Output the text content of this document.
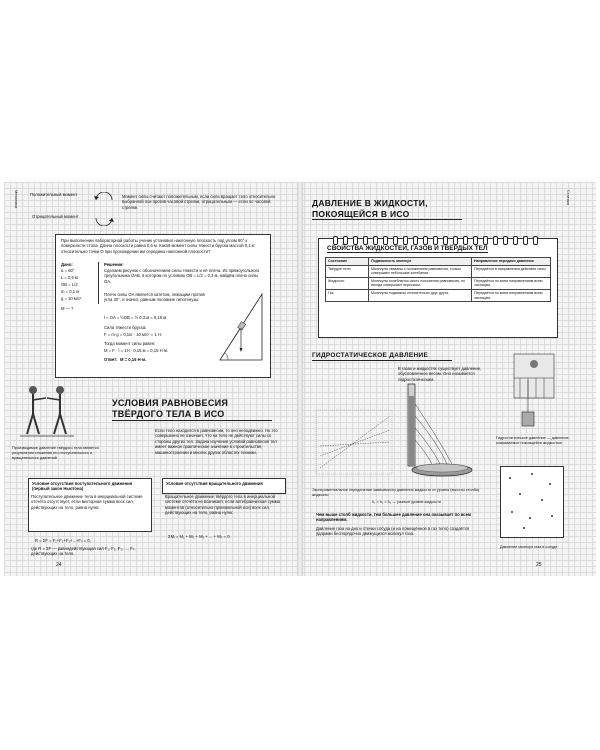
Механика	Положительный момент
Отрицательный момент
Момент силы считают положительным, если сила вращает тело относительно выбранной оси против часовой стрелки, отрицательным — если по часовой стрелке.
При выполнении лабораторной работы ученик установил наклонную плоскость под углом 60° к поверхности стола. Длина плоскости равна 0,6 м. Каков момент силы тяжести бруска массой 0,1 кг относительно точки O при прохождении им середины наклонной плоскости?
Дано:
α = 60°
L = 0,6 м
OB = L/2
m = 0,1 кг
g = 10 м/с²
M — ?
Решение:
Сделаем рисунок с обозначением силы тяжести и её плеча. Из прямоугольного треугольника OAB, в котором по условию OB = L/2 = 0,3 м, найдём плечо силы OA.
Плечо силы OA является катетом, лежащим против угла 30°, и значит, равным половине гипотенузы:
l = OA = ½OB = ½ 0,3 м = 0,15 м.
Сила тяжести бруска:
F = m·g = 0,1кг · 10 м/с² = 1 Н.
Тогда момент силы равен:
M = F · l = 1Н · 0,15 м = 0,15 Н·м.
Ответ: M = 0,15 Н·м.
Производимое давление твёрдого тела является результатом сложения его поступательного и вращательного давлений
УСЛОВИЯ РАВНОВЕСИЯ ТВЁРДОГО ТЕЛА В ИСО
Если тело находится в равновесии, то оно неподвижно. Но это совершенно не означает, что на тело не действуют силы со стороны других тел. Задача изучения условий равновесия тел имеет важное практическое значение в строительстве, машиностроении и многих других областях техники.
Условие отсутствия поступательного движения (первый закон Ньютона)
Поступательное движение тела в инерциальной системе отсчёта отсутствует, если векторная сумма всех сил, действующих на тело, равна нулю:
R = ΣF = F₁+F₂+F₃+...+Fₙ = 0,
где R = ΣF — равнодействующая сил F₁, F₂, F₃, ..., Fₙ, действующих на тело.
Условие отсутствия вращательного движения
Вращательное движение твёрдого тела в инерциальной системе отсчёта не возникает, если алгебраическая сумма моментов (относительно произвольной оси) всех сил, действующих на тело, равна нулю:
ΣMᵢ = M₁ + M₂ + M₃ + ... + Mₙ = 0.
24
Статика
ДАВЛЕНИЕ В ЖИДКОСТИ, ПОКОЯЩЕЙСЯ В ИСО
СВОЙСТВА ЖИДКОСТЕЙ, ГАЗОВ И ТВЁРДЫХ ТЕЛ
Состояние	Подвижность молекул	Направление передачи давления
Твёрдое тело	Молекулы связаны с положением равновесия, только совершают небольшие колебания.	Передаётся в направлении действия силы.
Жидкость	Молекулы колеблются около положения равновесия, но иногда совершают перескоки.	Передаётся по всем направлениям всем частицам.
Газ	Молекулы подвижны относительно друг друга.	Передаётся по всем направлениям всем частицам.
ГИДРОСТАТИЧЕСКОЕ ДАВЛЕНИЕ
В газах и жидкостях существует давление, обусловленное весом. Оно называется гидростатическим.
Экспериментальное определение зависимости давления жидкости от уровня (высоты столба) жидкости
h₁ > h₂ > h₃ — разные уровни жидкости
Чем выше столб жидкости, тем большее давление она оказывает по всем направлениям.
Давление газа на дно и стенки сосуда (и на помещённое в газ тело) создаётся ударами беспорядочно движущихся молекул газа.
Гидростатическое давление — давление, оказываемое покоящейся жидкостью
Давление молекул газа в сосуде
25
